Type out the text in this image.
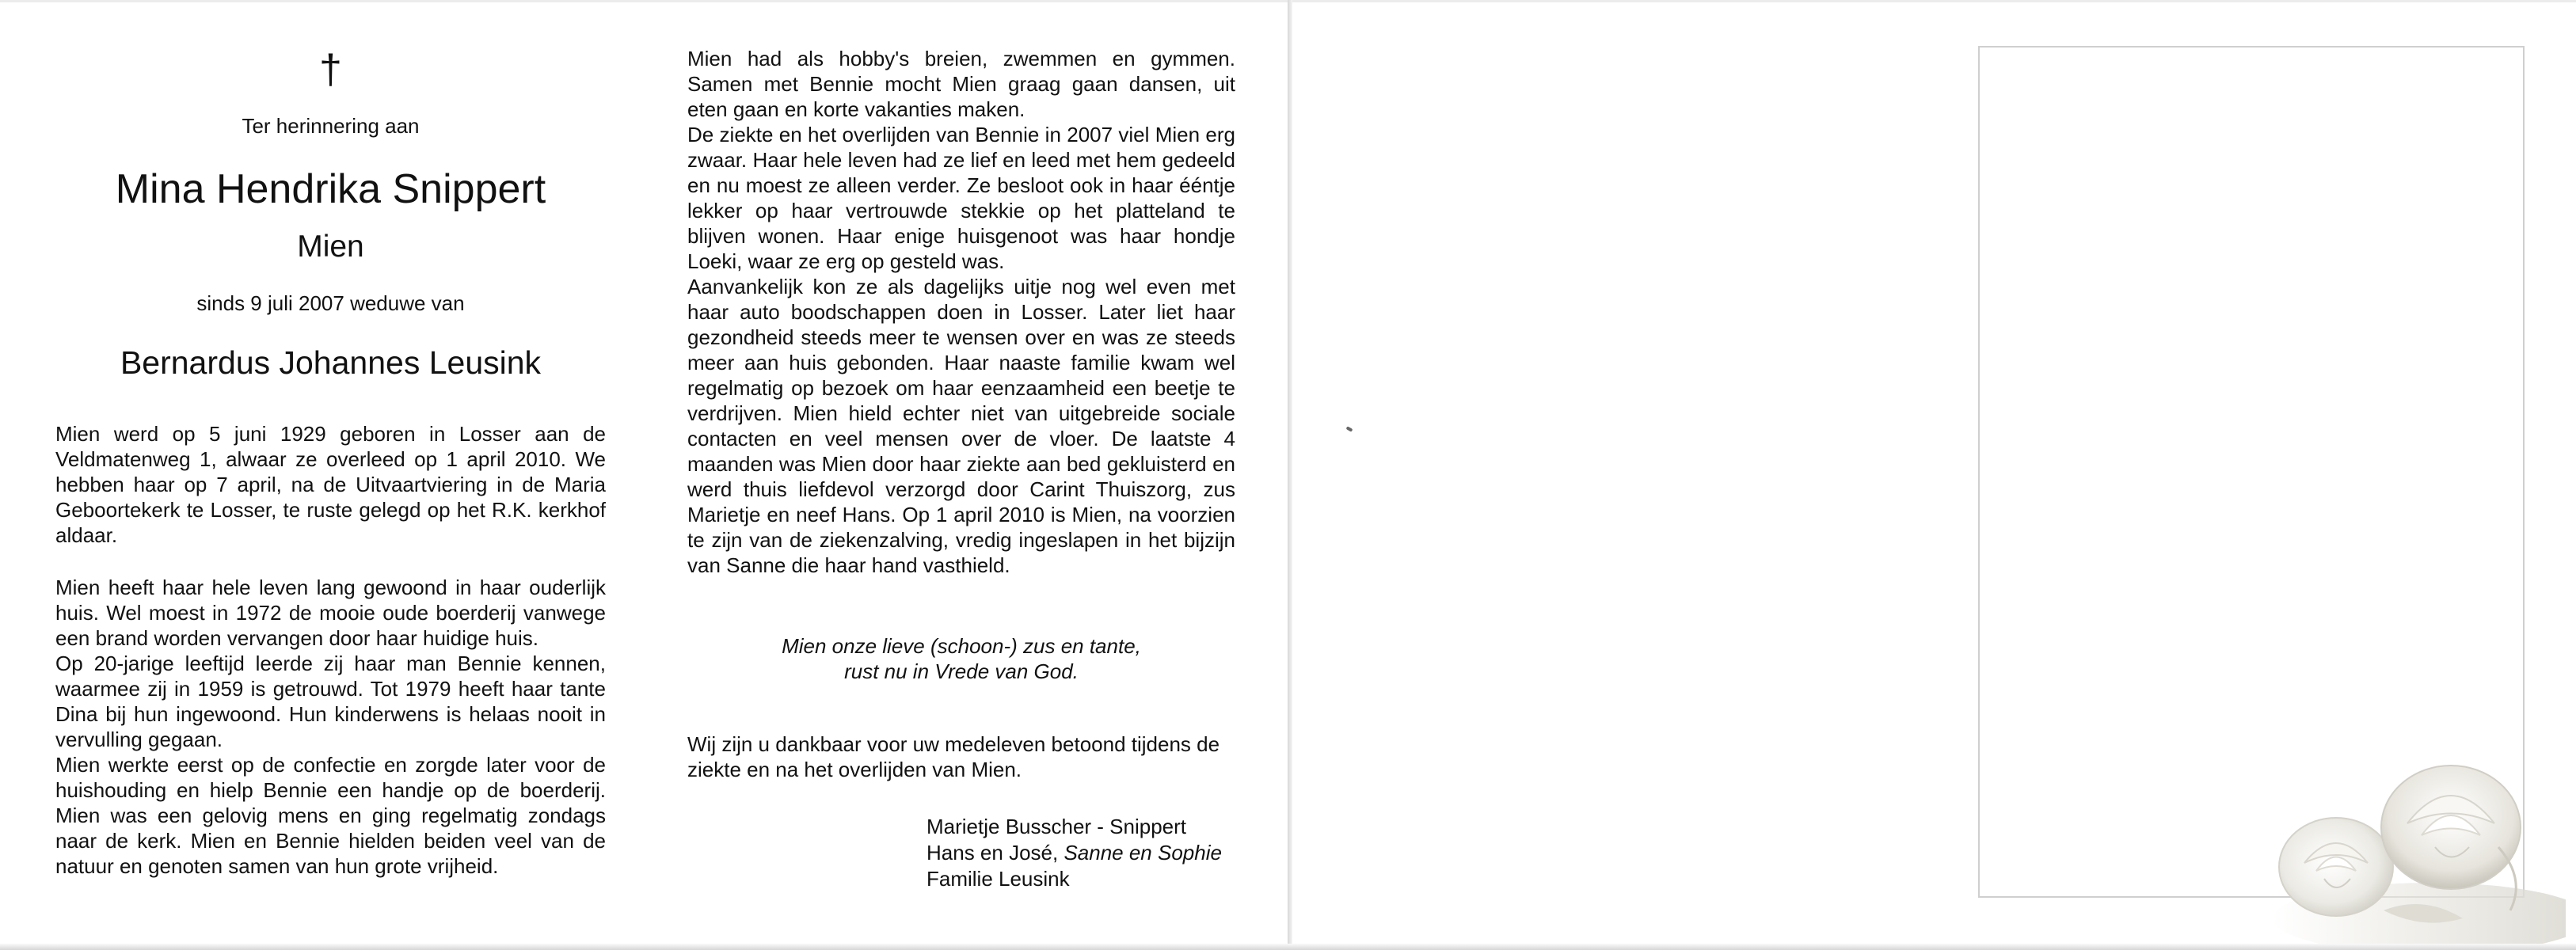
†
Ter herinnering aan
Mina Hendrika Snippert
Mien
sinds 9 juli 2007 weduwe van
Bernardus Johannes Leusink

Mien werd op 5 juni 1929 geboren in Losser aan de Veldmatenweg 1, alwaar ze overleed op 1 april 2010. We hebben haar op 7 april, na de Uitvaartviering in de Maria Geboortekerk te Losser, te ruste gelegd op het R.K. kerkhof aldaar.

Mien heeft haar hele leven lang gewoond in haar ouderlijk huis. Wel moest in 1972 de mooie oude boerderij vanwege een brand worden vervangen door haar huidige huis.
Op 20-jarige leeftijd leerde zij haar man Bennie kennen, waarmee zij in 1959 is getrouwd. Tot 1979 heeft haar tante Dina bij hun ingewoond. Hun kinderwens is helaas nooit in vervulling gegaan.
Mien werkte eerst op de confectie en zorgde later voor de huishouding en hielp Bennie een handje op de boerderij. Mien was een gelovig mens en ging regelmatig zondags naar de kerk. Mien en Bennie hielden beiden veel van de natuur en genoten samen van hun grote vrijheid.

Mien had als hobby's breien, zwemmen en gymmen. Samen met Bennie mocht Mien graag gaan dansen, uit eten gaan en korte vakanties maken.
De ziekte en het overlijden van Bennie in 2007 viel Mien erg zwaar. Haar hele leven had ze lief en leed met hem gedeeld en nu moest ze alleen verder. Ze besloot ook in haar ééntje lekker op haar vertrouwde stekkie op het platteland te blijven wonen. Haar enige huisgenoot was haar hondje Loeki, waar ze erg op gesteld was.
Aanvankelijk kon ze als dagelijks uitje nog wel even met haar auto boodschappen doen in Losser. Later liet haar gezondheid steeds meer te wensen over en was ze steeds meer aan huis gebonden. Haar naaste familie kwam wel regelmatig op bezoek om haar eenzaamheid een beetje te verdrijven. Mien hield echter niet van uitgebreide sociale contacten en veel mensen over de vloer. De laatste 4 maanden was Mien door haar ziekte aan bed gekluisterd en werd thuis liefdevol verzorgd door Carint Thuiszorg, zus Marietje en neef Hans. Op 1 april 2010 is Mien, na voorzien te zijn van de ziekenzalving, vredig ingeslapen in het bijzijn van Sanne die haar hand vasthield.

Mien onze lieve (schoon-) zus en tante,
rust nu in Vrede van God.

Wij zijn u dankbaar voor uw medeleven betoond tijdens de ziekte en na het overlijden van Mien.

Marietje Busscher - Snippert
Hans en José, Sanne en Sophie
Familie Leusink
